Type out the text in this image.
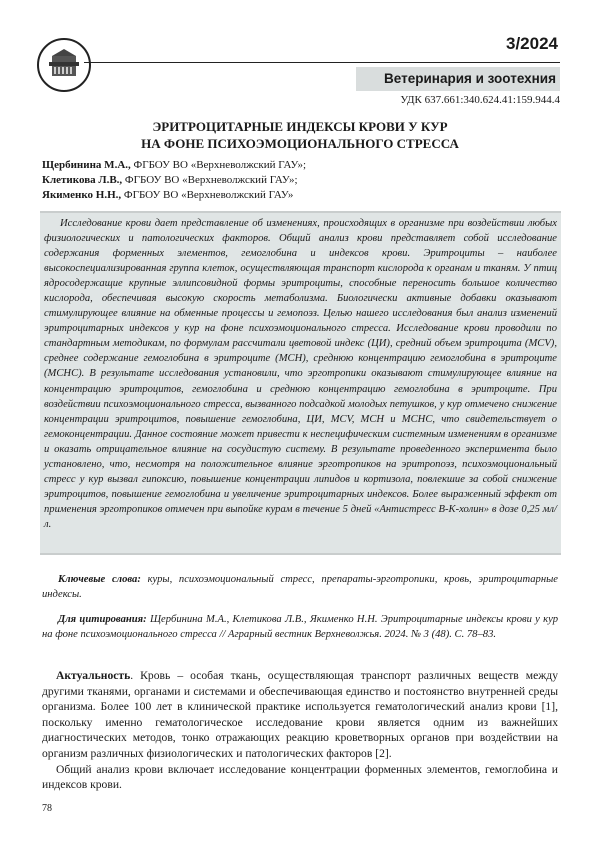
3/2024
Ветеринария и зоотехния
УДК 637.661:340.624.41:159.944.4
ЭРИТРОЦИТАРНЫЕ ИНДЕКСЫ КРОВИ У КУР
НА ФОНЕ ПСИХОЭМОЦИОНАЛЬНОГО СТРЕССА
Щербинина М.А., ФГБОУ ВО «Верхневолжский ГАУ»;
Клетикова Л.В., ФГБОУ ВО «Верхневолжский ГАУ»;
Якименко Н.Н., ФГБОУ ВО «Верхневолжский ГАУ»

Исследование крови дает представление об изменениях, происходящих в организме при воздействии любых физиологических и патологических факторов. Общий анализ крови представляет собой исследование содержания форменных элементов, гемоглобина и индексов крови. Эритроциты – наиболее высокоспециализированная группа клеток, осуществляющая транспорт кислорода к органам и тканям. У птиц ядросодержащие крупные эллипсовидной формы эритроциты, способные переносить большое количество кислорода, обеспечивая высокую скорость метаболизма. Биологически активные добавки оказывают стимулирующее влияние на обменные процессы и гемопоэз. Целью нашего исследования был анализ изменений эритроцитарных индексов у кур на фоне психоэмоционального стресса. Исследование крови проводили по стандартным методикам, по формулам рассчитали цветовой индекс (ЦИ), средний объем эритроцита (MCV), среднее содержание гемоглобина в эритроците (МСН), среднюю концентрацию гемоглобина в эритроците (МСНС). В результате исследования установили, что эрготропики оказывают стимулирующее влияние на концентрацию эритроцитов, гемоглобина и среднюю концентрацию гемоглобина в эритроците. При воздействии психоэмоционального стресса, вызванного подсадкой молодых петушков, у кур отмечено снижение концентрации эритроцитов, повышение гемоглобина, ЦИ, MCV, MCH и МСНС, что свидетельствует о гемоконцентрации. Данное состояние может привести к неспецифическим системным изменениям в организме и оказать отрицательное влияние на сосудистую систему. В результате проведенного эксперимента было установлено, что, несмотря на положительное влияние эрготропиков на эритропоэз, психоэмоциональный стресс у кур вызвал гипоксию, повышение концентрации липидов и кортизола, повлекшие за собой снижение эритроцитов, повышение гемоглобина и увеличение эритроцитарных индексов. Более выраженный эффект от применения эрготропиков отмечен при выпойке курам в течение 5 дней «Антистресс В-К-холин» в дозе 0,25 мл/л.

Ключевые слова: куры, психоэмоциональный стресс, препараты-эрготропики, кровь, эритроцитарные индексы.

Для цитирования: Щербинина М.А., Клетикова Л.В., Якименко Н.Н. Эритроцитарные индексы крови у кур на фоне психоэмоционального стресса // Аграрный вестник Верхневолжья. 2024. № 3 (48). С. 78–83.

Актуальность. Кровь – особая ткань, осуществляющая транспорт различных веществ между другими тканями, органами и системами и обеспечивающая единство и постоянство внутренней среды организма. Более 100 лет в клинической практике используется гематологический анализ крови [1], поскольку именно гематологическое исследование крови является одним из важнейших диагностических методов, тонко отражающих реакцию кроветворных органов при воздействии на организм различных физиологических и патологических факторов [2].

Общий анализ крови включает исследование концентрации форменных элементов, гемоглобина и индексов крови.

78
